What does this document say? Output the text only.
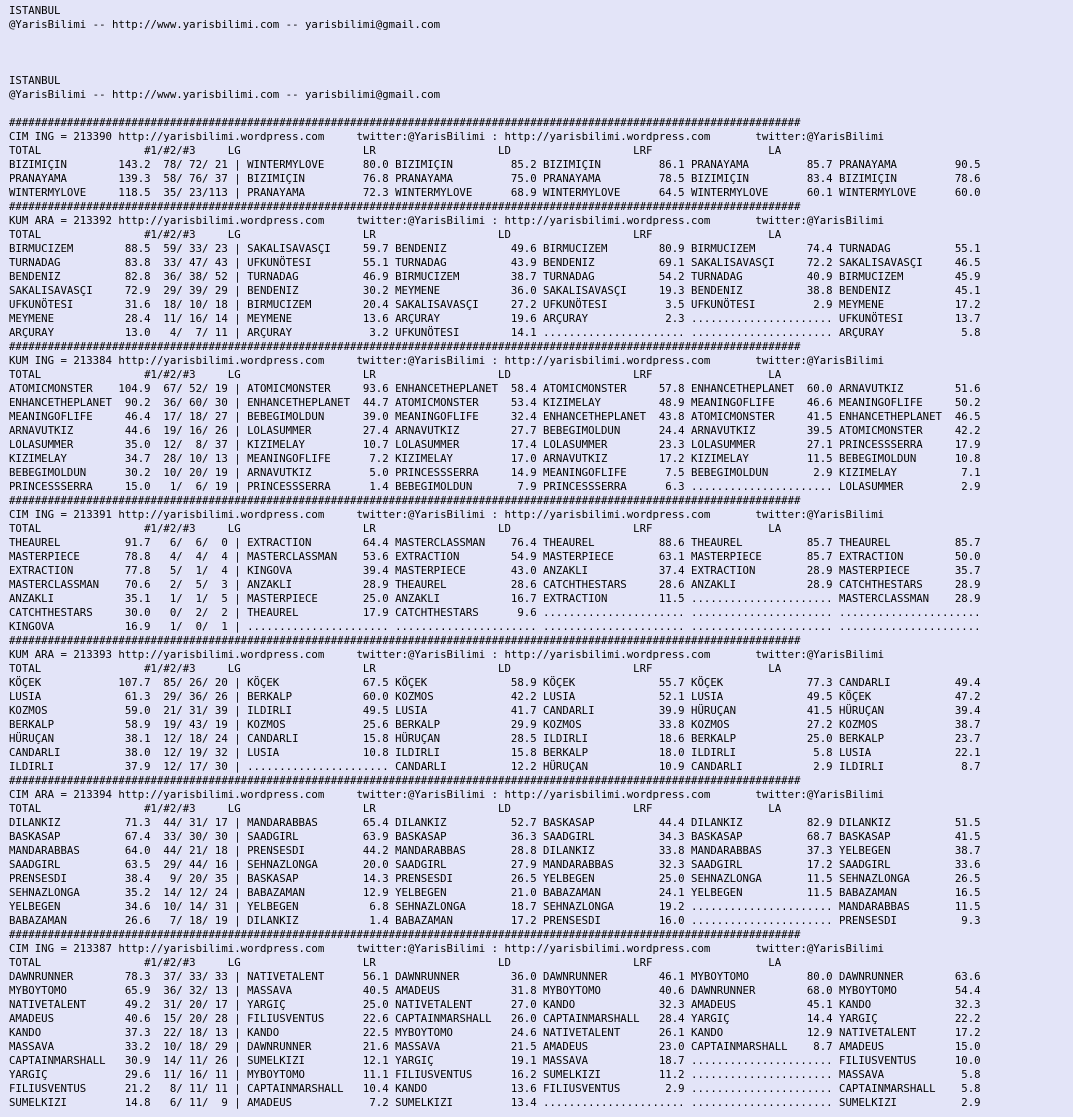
ISTANBUL
@YarisBilimi -- http://www.yarisbilimi.com -- yarisbilimi@gmail.com
ISTANBUL
@YarisBilimi -- http://www.yarisbilimi.com -- yarisbilimi@gmail.com
###########################################################################################################################
CIM ING = 213390 http://yarisbilimi.wordpress.com     twitter:@YarisBilimi : http://yarisbilimi.wordpress.com       twitter:@YarisBilimi
TOTAL                #1/#2/#3     LG                   LR                   LD                   LRF                  LA
BIZIMIÇIN        143.2  78/ 72/ 21 | WINTERMYLOVE      80.0 BIZIMIÇIN         85.2 BIZIMIÇIN         86.1 PRANAYAMA         85.7 PRANAYAMA         90.5
PRANAYAMA        139.3  58/ 76/ 37 | BIZIMIÇIN         76.8 PRANAYAMA         75.0 PRANAYAMA         78.5 BIZIMIÇIN         83.4 BIZIMIÇIN         78.6
WINTERMYLOVE     118.5  35/ 23/113 | PRANAYAMA         72.3 WINTERMYLOVE      68.9 WINTERMYLOVE      64.5 WINTERMYLOVE      60.1 WINTERMYLOVE      60.0
###########################################################################################################################
KUM ARA = 213392 http://yarisbilimi.wordpress.com     twitter:@YarisBilimi : http://yarisbilimi.wordpress.com       twitter:@YarisBilimi
TOTAL                #1/#2/#3     LG                   LR                   LD                   LRF                  LA
BIRMUCIZEM        88.5  59/ 33/ 23 | SAKALISAVASÇI     59.7 BENDENIZ          49.6 BIRMUCIZEM        80.9 BIRMUCIZEM        74.4 TURNADAG          55.1
TURNADAG          83.8  33/ 47/ 43 | UFKUNÖTESI        55.1 TURNADAG          43.9 BENDENIZ          69.1 SAKALISAVASÇI     72.2 SAKALISAVASÇI     46.5
BENDENIZ          82.8  36/ 38/ 52 | TURNADAG          46.9 BIRMUCIZEM        38.7 TURNADAG          54.2 TURNADAG          40.9 BIRMUCIZEM        45.9
SAKALISAVASÇI     72.9  29/ 39/ 29 | BENDENIZ          30.2 MEYMENE           36.0 SAKALISAVASÇI     19.3 BENDENIZ          38.8 BENDENIZ          45.1
UFKUNÖTESI        31.6  18/ 10/ 18 | BIRMUCIZEM        20.4 SAKALISAVASÇI     27.2 UFKUNÖTESI         3.5 UFKUNÖTESI         2.9 MEYMENE           17.2
MEYMENE           28.4  11/ 16/ 14 | MEYMENE           13.6 ARÇURAY           19.6 ARÇURAY            2.3 ...................... UFKUNÖTESI        13.7
ARÇURAY           13.0   4/  7/ 11 | ARÇURAY            3.2 UFKUNÖTESI        14.1 ...................... ...................... ARÇURAY            5.8
###########################################################################################################################
KUM ING = 213384 http://yarisbilimi.wordpress.com     twitter:@YarisBilimi : http://yarisbilimi.wordpress.com       twitter:@YarisBilimi
TOTAL                #1/#2/#3     LG                   LR                   LD                   LRF                  LA
ATOMICMONSTER    104.9  67/ 52/ 19 | ATOMICMONSTER     93.6 ENHANCETHEPLANET  58.4 ATOMICMONSTER     57.8 ENHANCETHEPLANET  60.0 ARNAVUTKIZ        51.6
ENHANCETHEPLANET  90.2  36/ 60/ 30 | ENHANCETHEPLANET  44.7 ATOMICMONSTER     53.4 KIZIMELAY         48.9 MEANINGOFLIFE     46.6 MEANINGOFLIFE     50.2
MEANINGOFLIFE     46.4  17/ 18/ 27 | BEBEGIMOLDUN      39.0 MEANINGOFLIFE     32.4 ENHANCETHEPLANET  43.8 ATOMICMONSTER     41.5 ENHANCETHEPLANET  46.5
ARNAVUTKIZ        44.6  19/ 16/ 26 | LOLASUMMER        27.4 ARNAVUTKIZ        27.7 BEBEGIMOLDUN      24.4 ARNAVUTKIZ        39.5 ATOMICMONSTER     42.2
LOLASUMMER        35.0  12/  8/ 37 | KIZIMELAY         10.7 LOLASUMMER        17.4 LOLASUMMER        23.3 LOLASUMMER        27.1 PRINCESSSERRA     17.9
KIZIMELAY         34.7  28/ 10/ 13 | MEANINGOFLIFE      7.2 KIZIMELAY         17.0 ARNAVUTKIZ        17.2 KIZIMELAY         11.5 BEBEGIMOLDUN      10.8
BEBEGIMOLDUN      30.2  10/ 20/ 19 | ARNAVUTKIZ         5.0 PRINCESSSERRA     14.9 MEANINGOFLIFE      7.5 BEBEGIMOLDUN       2.9 KIZIMELAY          7.1
PRINCESSSERRA     15.0   1/  6/ 19 | PRINCESSSERRA      1.4 BEBEGIMOLDUN       7.9 PRINCESSSERRA      6.3 ...................... LOLASUMMER         2.9
###########################################################################################################################
CIM ING = 213391 http://yarisbilimi.wordpress.com     twitter:@YarisBilimi : http://yarisbilimi.wordpress.com       twitter:@YarisBilimi
TOTAL                #1/#2/#3     LG                   LR                   LD                   LRF                  LA
THEAUREL          91.7   6/  6/  0 | EXTRACTION        64.4 MASTERCLASSMAN    76.4 THEAUREL          88.6 THEAUREL          85.7 THEAUREL          85.7
MASTERPIECE       78.8   4/  4/  4 | MASTERCLASSMAN    53.6 EXTRACTION        54.9 MASTERPIECE       63.1 MASTERPIECE       85.7 EXTRACTION        50.0
EXTRACTION        77.8   5/  1/  4 | KINGOVA           39.4 MASTERPIECE       43.0 ANZAKLI           37.4 EXTRACTION        28.9 MASTERPIECE       35.7
MASTERCLASSMAN    70.6   2/  5/  3 | ANZAKLI           28.9 THEAUREL          28.6 CATCHTHESTARS     28.6 ANZAKLI           28.9 CATCHTHESTARS     28.9
ANZAKLI           35.1   1/  1/  5 | MASTERPIECE       25.0 ANZAKLI           16.7 EXTRACTION        11.5 ...................... MASTERCLASSMAN    28.9
CATCHTHESTARS     30.0   0/  2/  2 | THEAUREL          17.9 CATCHTHESTARS      9.6 ...................... ...................... ......................
KINGOVA           16.9   1/  0/  1 | ...................... ...................... ...................... ...................... ......................
###########################################################################################################################
KUM ARA = 213393 http://yarisbilimi.wordpress.com     twitter:@YarisBilimi : http://yarisbilimi.wordpress.com       twitter:@YarisBilimi
TOTAL                #1/#2/#3     LG                   LR                   LD                   LRF                  LA
KÖÇEK            107.7  85/ 26/ 20 | KÖÇEK             67.5 KÖÇEK             58.9 KÖÇEK             55.7 KÖÇEK             77.3 CANDARLI          49.4
LUSIA             61.3  29/ 36/ 26 | BERKALP           60.0 KOZMOS            42.2 LUSIA             52.1 LUSIA             49.5 KÖÇEK             47.2
KOZMOS            59.0  21/ 31/ 39 | ILDIRLI           49.5 LUSIA             41.7 CANDARLI          39.9 HÜRUÇAN           41.5 HÜRUÇAN           39.4
BERKALP           58.9  19/ 43/ 19 | KOZMOS            25.6 BERKALP           29.9 KOZMOS            33.8 KOZMOS            27.2 KOZMOS            38.7
HÜRUÇAN           38.1  12/ 18/ 24 | CANDARLI          15.8 HÜRUÇAN           28.5 ILDIRLI           18.6 BERKALP           25.0 BERKALP           23.7
CANDARLI          38.0  12/ 19/ 32 | LUSIA             10.8 ILDIRLI           15.8 BERKALP           18.0 ILDIRLI            5.8 LUSIA             22.1
ILDIRLI           37.9  12/ 17/ 30 | ...................... CANDARLI          12.2 HÜRUÇAN           10.9 CANDARLI           2.9 ILDIRLI            8.7
###########################################################################################################################
CIM ARA = 213394 http://yarisbilimi.wordpress.com     twitter:@YarisBilimi : http://yarisbilimi.wordpress.com       twitter:@YarisBilimi
TOTAL                #1/#2/#3     LG                   LR                   LD                   LRF                  LA
DILANKIZ          71.3  44/ 31/ 17 | MANDARABBAS       65.4 DILANKIZ          52.7 BASKASAP          44.4 DILANKIZ          82.9 DILANKIZ          51.5
BASKASAP          67.4  33/ 30/ 30 | SAADGIRL          63.9 BASKASAP          36.3 SAADGIRL          34.3 BASKASAP          68.7 BASKASAP          41.5
MANDARABBAS       64.0  44/ 21/ 18 | PRENSESDI         44.2 MANDARABBAS       28.8 DILANKIZ          33.8 MANDARABBAS       37.3 YELBEGEN          38.7
SAADGIRL          63.5  29/ 44/ 16 | SEHNAZLONGA       20.0 SAADGIRL          27.9 MANDARABBAS       32.3 SAADGIRL          17.2 SAADGIRL          33.6
PRENSESDI         38.4   9/ 20/ 35 | BASKASAP          14.3 PRENSESDI         26.5 YELBEGEN          25.0 SEHNAZLONGA       11.5 SEHNAZLONGA       26.5
SEHNAZLONGA       35.2  14/ 12/ 24 | BABAZAMAN         12.9 YELBEGEN          21.0 BABAZAMAN         24.1 YELBEGEN          11.5 BABAZAMAN         16.5
YELBEGEN          34.6  10/ 14/ 31 | YELBEGEN           6.8 SEHNAZLONGA       18.7 SEHNAZLONGA       19.2 ...................... MANDARABBAS       11.5
BABAZAMAN         26.6   7/ 18/ 19 | DILANKIZ           1.4 BABAZAMAN         17.2 PRENSESDI         16.0 ...................... PRENSESDI          9.3
###########################################################################################################################
CIM ING = 213387 http://yarisbilimi.wordpress.com     twitter:@YarisBilimi : http://yarisbilimi.wordpress.com       twitter:@YarisBilimi
TOTAL                #1/#2/#3     LG                   LR                   LD                   LRF                  LA
DAWNRUNNER        78.3  37/ 33/ 33 | NATIVETALENT      56.1 DAWNRUNNER        36.0 DAWNRUNNER        46.1 MYBOYTOMO         80.0 DAWNRUNNER        63.6
MYBOYTOMO         65.9  36/ 32/ 13 | MASSAVA           40.5 AMADEUS           31.8 MYBOYTOMO         40.6 DAWNRUNNER        68.0 MYBOYTOMO         54.4
NATIVETALENT      49.2  31/ 20/ 17 | YARGIÇ            25.0 NATIVETALENT      27.0 KANDO             32.3 AMADEUS           45.1 KANDO             32.3
AMADEUS           40.6  15/ 20/ 28 | FILIUSVENTUS      22.6 CAPTAINMARSHALL   26.0 CAPTAINMARSHALL   28.4 YARGIÇ            14.4 YARGIÇ            22.2
KANDO             37.3  22/ 18/ 13 | KANDO             22.5 MYBOYTOMO         24.6 NATIVETALENT      26.1 KANDO             12.9 NATIVETALENT      17.2
MASSAVA           33.2  10/ 18/ 29 | DAWNRUNNER        21.6 MASSAVA           21.5 AMADEUS           23.0 CAPTAINMARSHALL    8.7 AMADEUS           15.0
CAPTAINMARSHALL   30.9  14/ 11/ 26 | SUMELKIZI         12.1 YARGIÇ            19.1 MASSAVA           18.7 ...................... FILIUSVENTUS      10.0
YARGIÇ            29.6  11/ 16/ 11 | MYBOYTOMO         11.1 FILIUSVENTUS      16.2 SUMELKIZI         11.2 ...................... MASSAVA            5.8
FILIUSVENTUS      21.2   8/ 11/ 11 | CAPTAINMARSHALL   10.4 KANDO             13.6 FILIUSVENTUS       2.9 ...................... CAPTAINMARSHALL    5.8
SUMELKIZI         14.8   6/ 11/  9 | AMADEUS            7.2 SUMELKIZI         13.4 ...................... ...................... SUMELKIZI          2.9
